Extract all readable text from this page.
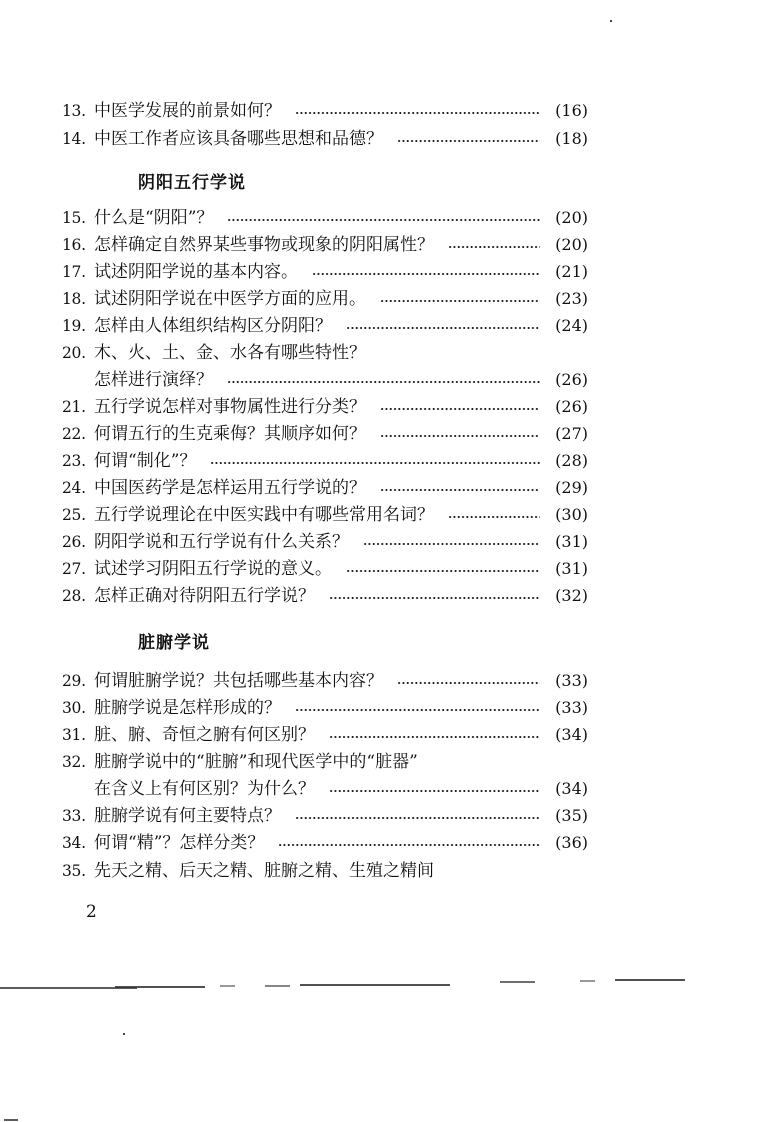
13. 中医学发展的前景如何？	(16)
14. 中医工作者应该具备哪些思想和品德？	(18)
阴阳五行学说
15. 什么是“阴阳”？	(20)
16. 怎样确定自然界某些事物或现象的阴阳属性？	(20)
17. 试述阴阳学说的基本内容。	(21)
18. 试述阴阳学说在中医学方面的应用。	(23)
19. 怎样由人体组织结构区分阴阳？	(24)
20. 木、火、土、金、水各有哪些特性？
怎样进行演绎？	(26)
21. 五行学说怎样对事物属性进行分类？	(26)
22. 何谓五行的生克乘侮？其顺序如何？	(27)
23. 何谓“制化”？	(28)
24. 中国医药学是怎样运用五行学说的？	(29)
25. 五行学说理论在中医实践中有哪些常用名词？	(30)
26. 阴阳学说和五行学说有什么关系？	(31)
27. 试述学习阴阳五行学说的意义。	(31)
28. 怎样正确对待阴阳五行学说？	(32)
脏腑学说
29. 何谓脏腑学说？共包括哪些基本内容？	(33)
30. 脏腑学说是怎样形成的？	(33)
31. 脏、腑、奇恒之腑有何区别？	(34)
32. 脏腑学说中的“脏腑”和现代医学中的“脏器”
在含义上有何区别？为什么？	(34)
33. 脏腑学说有何主要特点？	(35)
34. 何谓“精”？怎样分类？	(36)
35. 先天之精、后天之精、脏腑之精、生殖之精间
2
